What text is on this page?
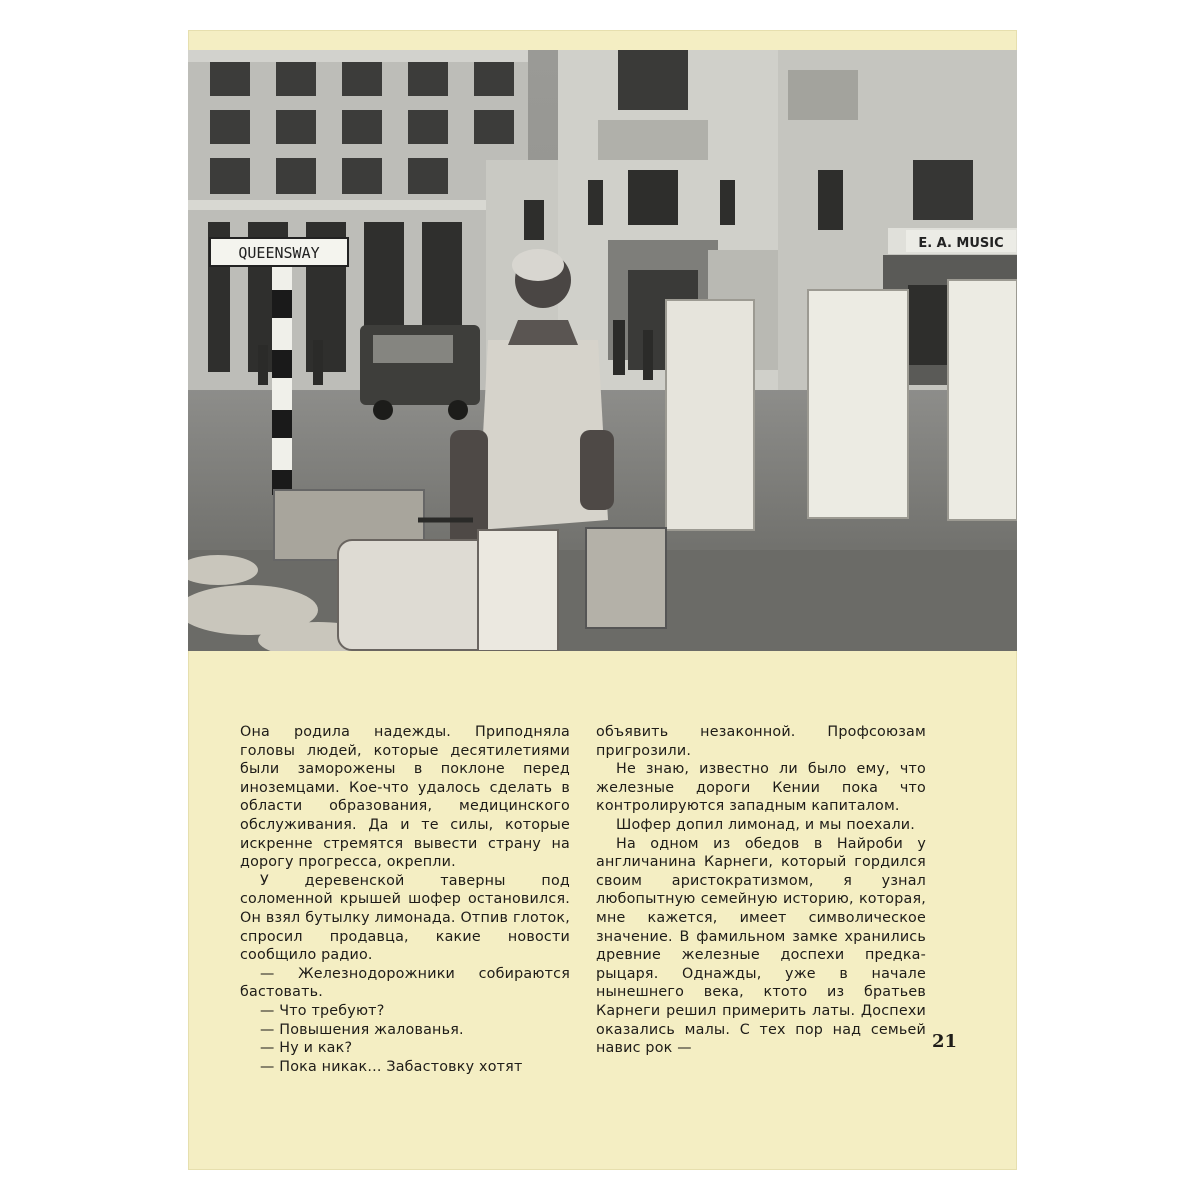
QUEENSWAY
E. A. MUSIC

Она родила надежды. Приподняла головы людей, которые десятилетиями были заморожены в поклоне перед иноземцами. Кое-что удалось сделать в области образования, медицинского обслуживания. Да и те силы, которые искренне стремятся вывести страну на дорогу прогресса, окрепли.

У деревенской таверны под соломенной крышей шофер остановился. Он взял бутылку лимонада. Отпив глоток, спросил продавца, какие новости сообщило радио.

— Железнодорожники собираются бастовать.

— Что требуют?

— Повышения жалованья.

— Ну и как?

— Пока никак... Забастовку хотят

объявить незаконной. Профсоюзам пригрозили.

Не знаю, известно ли было ему, что железные дороги Кении пока что контролируются западным капиталом.

Шофер допил лимонад, и мы поехали.

На одном из обедов в Найроби у англичанина Карнеги, который гордился своим аристократизмом, я узнал любопытную семейную историю, которая, мне кажется, имеет символическое значение. В фамильном замке хранились древние железные доспехи предка-рыцаря. Однажды, уже в начале нынешнего века, ктото из братьев Карнеги решил примерить латы. Доспехи оказались малы. С тех пор над семьей навис рок —	21
